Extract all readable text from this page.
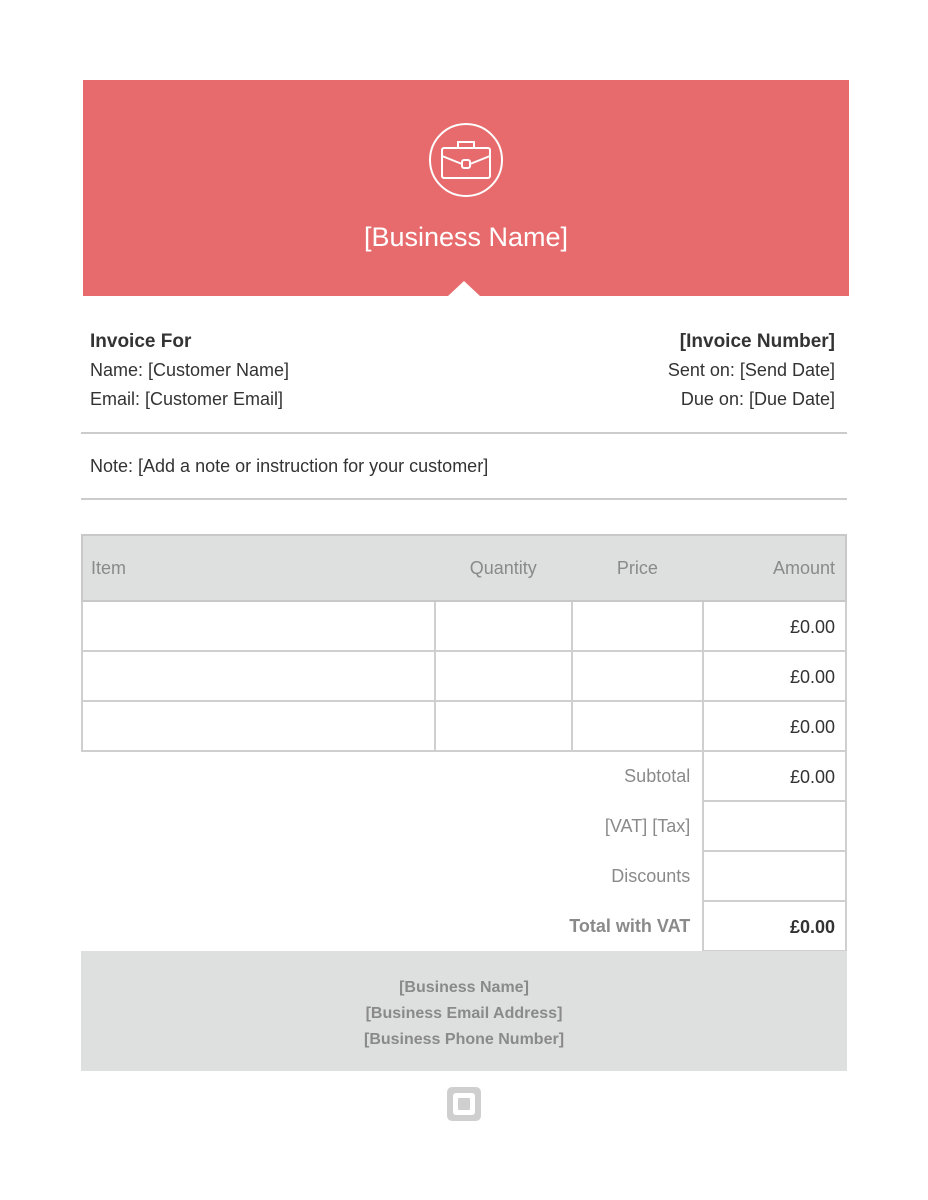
[Business Name]
Invoice For
Name: [Customer Name]
Email: [Customer Email]
[Invoice Number]
Sent on: [Send Date]
Due on: [Due Date]
Note: [Add a note or instruction for your customer]
Item	Quantity	Price	Amount
			£0.00
			£0.00
			£0.00
Subtotal			£0.00
[VAT] [Tax]			
Discounts			
Total with VAT			£0.00
[Business Name]
[Business Email Address]
[Business Phone Number]
